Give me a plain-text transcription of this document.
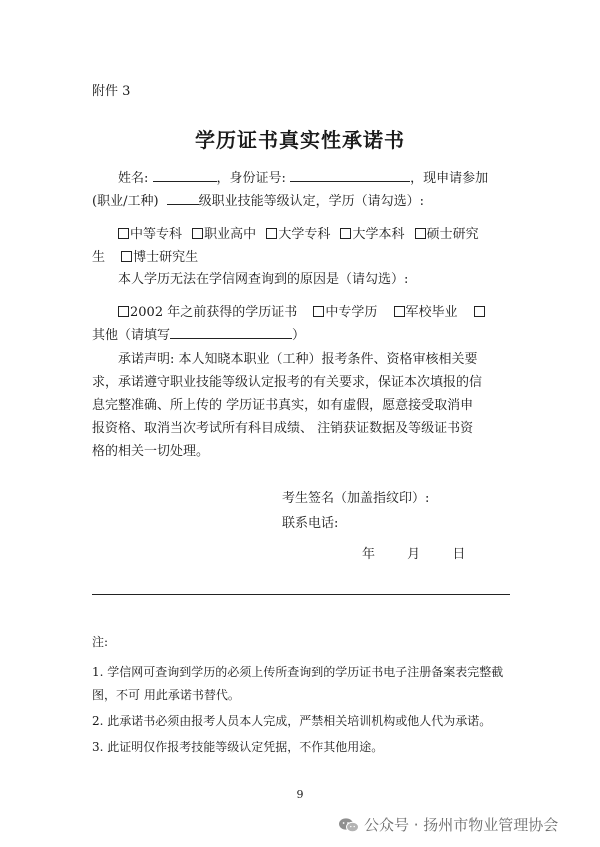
附件 3
学历证书真实性承诺书
姓名:	，身份证号:	，现申请参加
(职业/工种)	级职业技能等级认定，学历（请勾选）:
中等专科 职业高中 大学专科 大学本科 硕士研究
生 博士研究生
本人学历无法在学信网查询到的原因是（请勾选）:
2002 年之前获得的学历证书 中专学历 军校毕业
其他（请填写	）
承诺声明: 本人知晓本职业（工种）报考条件、资格审核相关要
求，承诺遵守职业技能等级认定报考的有关要求，保证本次填报的信
息完整准确、所上传的 学历证书真实，如有虚假，愿意接受取消申
报资格、取消当次考试所有科目成绩、 注销获证数据及等级证书资
格的相关一切处理。
考生签名（加盖指纹印）:
联系电话:
年 月 日
注:
1. 学信网可查询到学历的必须上传所查询到的学历证书电子注册备案表完整截
图，不可 用此承诺书替代。
2. 此承诺书必须由报考人员本人完成，严禁相关培训机构或他人代为承诺。
3. 此证明仅作报考技能等级认定凭据，不作其他用途。
9
公众号 · 扬州市物业管理协会
